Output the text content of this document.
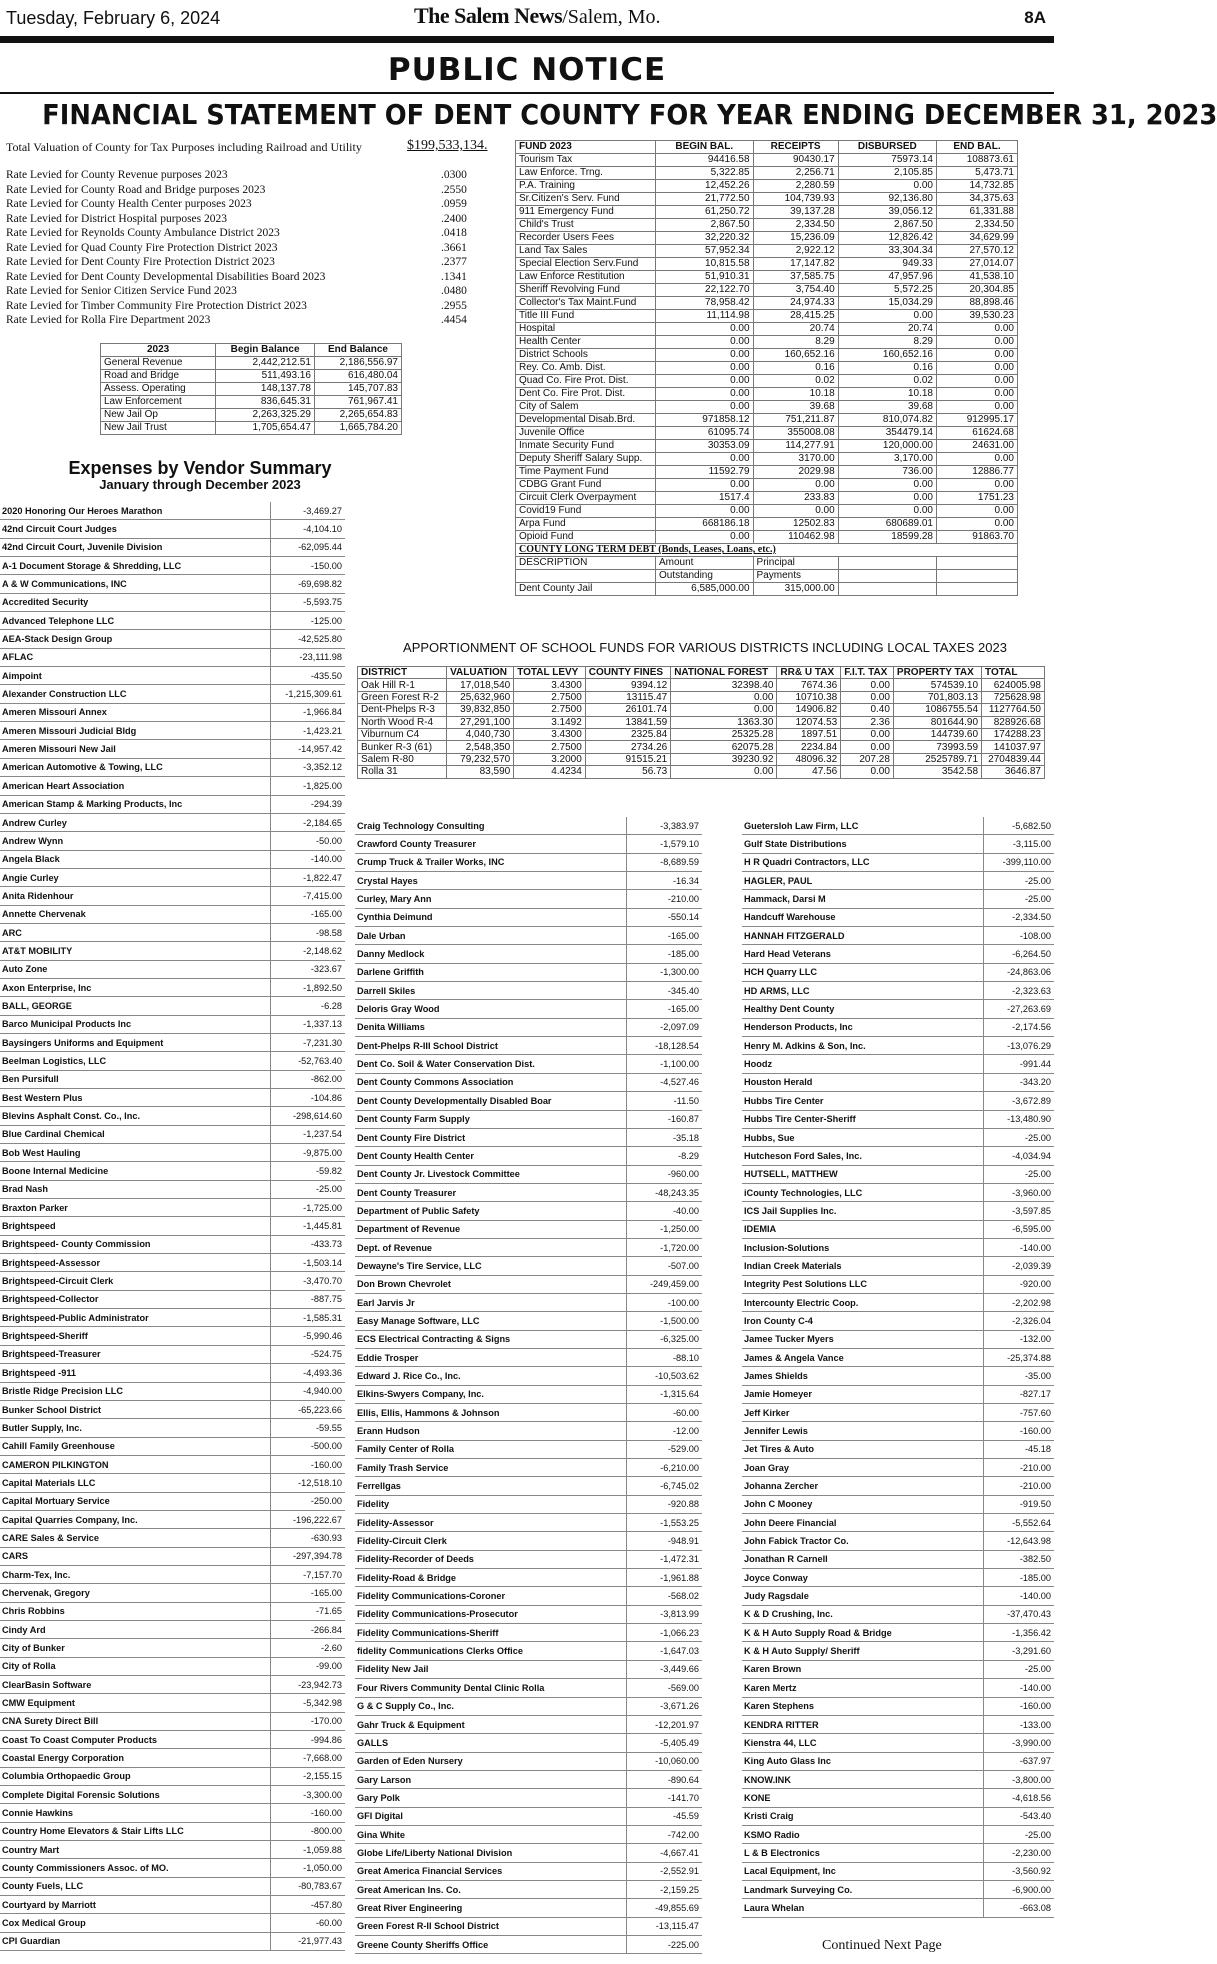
Tuesday, February 6, 2024	The Salem News/Salem, Mo.	8A
PUBLIC NOTICE
FINANCIAL STATEMENT OF DENT COUNTY FOR YEAR ENDING DECEMBER 31, 2023
Total Valuation of County for Tax Purposes including Railroad and Utility	$199,533,134.
Rate Levied for County Revenue purposes 2023	.0300
Rate Levied for County Road and Bridge purposes 2023	.2550
Rate Levied for County Health Center purposes 2023	.0959
Rate Levied for District Hospital purposes 2023	.2400
Rate Levied for Reynolds County Ambulance District 2023	.0418
Rate Levied for Quad County Fire Protection District 2023	.3661
Rate Levied for Dent County Fire Protection District 2023	.2377
Rate Levied for Dent County Developmental Disabilities Board 2023	.1341
Rate Levied for Senior Citizen Service Fund 2023	.0480
Rate Levied for Timber Community Fire Protection District 2023	.2955
Rate Levied for Rolla Fire Department 2023	.4454
FUND 2023	BEGIN BAL.	RECEIPTS	DISBURSED	END BAL.
Tourism Tax	94416.58	90430.17	75973.14	108873.61
Law Enforce. Trng.	5,322.85	2,256.71	2,105.85	5,473.71
P.A. Training	12,452.26	2,280.59	0.00	14,732.85
Sr.Citizen's Serv. Fund	21,772.50	104,739.93	92,136.80	34,375.63
911 Emergency Fund	61,250.72	39,137.28	39,056.12	61,331.88
Child's Trust	2,867.50	2,334.50	2,867.50	2,334.50
Recorder Users Fees	32,220.32	15,236.09	12,826.42	34,629.99
Land Tax Sales	57,952.34	2,922.12	33,304.34	27,570.12
Special Election Serv.Fund	10,815.58	17,147.82	949.33	27,014.07
Law Enforce Restitution	51,910.31	37,585.75	47,957.96	41,538.10
Sheriff Revolving Fund	22,122.70	3,754.40	5,572.25	20,304.85
Collector's Tax Maint.Fund	78,958.42	24,974.33	15,034.29	88,898.46
Title III Fund	11,114.98	28,415.25	0.00	39,530.23
Hospital	0.00	20.74	20.74	0.00
Health Center	0.00	8.29	8.29	0.00
District Schools	0.00	160,652.16	160,652.16	0.00
Rey. Co. Amb. Dist.	0.00	0.16	0.16	0.00
Quad Co. Fire Prot. Dist.	0.00	0.02	0.02	0.00
Dent Co. Fire Prot. Dist.	0.00	10.18	10.18	0.00
City of Salem	0.00	39.68	39.68	0.00
Developmental Disab.Brd.	971858.12	751,211.87	810,074.82	912995.17
Juvenile Office	61095.74	355008.08	354479.14	61624.68
Inmate Security Fund	30353.09	114,277.91	120,000.00	24631.00
Deputy Sheriff Salary Supp.	0.00	3170.00	3,170.00	0.00
Time Payment Fund	11592.79	2029.98	736.00	12886.77
CDBG Grant Fund	0.00	0.00	0.00	0.00
Circuit Clerk Overpayment	1517.4	233.83	0.00	1751.23
Covid19 Fund	0.00	0.00	0.00	0.00
Arpa Fund	668186.18	12502.83	680689.01	0.00
Opioid Fund	0.00	110462.98	18599.28	91863.70
COUNTY LONG TERM DEBT (Bonds, Leases, Loans, etc.)				
DESCRIPTION	Amount	Principal		
	Outstanding	Payments		
Dent County Jail	6,585,000.00	315,000.00		
2023	Begin Balance	End Balance
General Revenue	2,442,212.51	2,186,556.97
Road and Bridge	511,493.16	616,480.04
Assess. Operating	148,137.78	145,707.83
Law Enforcement	836,645.31	761,967.41
New Jail Op	2,263,325.29	2,265,654.83
New Jail Trust	1,705,654.47	1,665,784.20
Expenses by Vendor Summary
January through December 2023
APPORTIONMENT OF SCHOOL FUNDS FOR VARIOUS DISTRICTS INCLUDING LOCAL TAXES 2023
DISTRICT	VALUATION	TOTAL LEVY	COUNTY FINES	NATIONAL FOREST	RR& U TAX	F.I.T. TAX	PROPERTY TAX	TOTAL
Oak Hill R-1	17,018,540	3.4300	9394.12	32398.40	7674.36	0.00	574539.10	624005.98
Green Forest R-2	25,632,960	2.7500	13115.47	0.00	10710.38	0.00	701,803.13	725628.98
Dent-Phelps R-3	39,832,850	2.7500	26101.74	0.00	14906.82	0.40	1086755.54	1127764.50
North Wood R-4	27,291,100	3.1492	13841.59	1363.30	12074.53	2.36	801644.90	828926.68
Viburnum C4	4,040,730	3.4300	2325.84	25325.28	1897.51	0.00	144739.60	174288.23
Bunker R-3 (61)	2,548,350	2.7500	2734.26	62075.28	2234.84	0.00	73993.59	141037.97
Salem R-80	79,232,570	3.2000	91515.21	39230.92	48096.32	207.28	2525789.71	2704839.44
Rolla 31	83,590	4.4234	56.73	0.00	47.56	0.00	3542.58	3646.87
2020 Honoring Our Heroes Marathon	-3,469.27
42nd Circuit Court Judges	-4,104.10
42nd Circuit Court, Juvenile Division	-62,095.44
A-1 Document Storage & Shredding, LLC	-150.00
A & W Communications, INC	-69,698.82
Accredited Security	-5,593.75
Advanced Telephone LLC	-125.00
AEA-Stack Design Group	-42,525.80
AFLAC	-23,111.98
Aimpoint	-435.50
Alexander Construction LLC	-1,215,309.61
Ameren Missouri Annex	-1,966.84
Ameren Missouri Judicial Bldg	-1,423.21
Ameren Missouri New Jail	-14,957.42
American Automotive & Towing, LLC	-3,352.12
American Heart Association	-1,825.00
American Stamp & Marking Products, Inc	-294.39
Andrew Curley	-2,184.65
Andrew Wynn	-50.00
Angela Black	-140.00
Angie Curley	-1,822.47
Anita Ridenhour	-7,415.00
Annette Chervenak	-165.00
ARC	-98.58
AT&T MOBILITY	-2,148.62
Auto Zone	-323.67
Axon Enterprise, Inc	-1,892.50
BALL, GEORGE	-6.28
Barco Municipal Products Inc	-1,337.13
Baysingers Uniforms and Equipment	-7,231.30
Beelman Logistics, LLC	-52,763.40
Ben Pursifull	-862.00
Best Western Plus	-104.86
Blevins Asphalt Const. Co., Inc.	-298,614.60
Blue Cardinal Chemical	-1,237.54
Bob West Hauling	-9,875.00
Boone Internal Medicine	-59.82
Brad Nash	-25.00
Braxton Parker	-1,725.00
Brightspeed	-1,445.81
Brightspeed- County Commission	-433.73
Brightspeed-Assessor	-1,503.14
Brightspeed-Circuit Clerk	-3,470.70
Brightspeed-Collector	-887.75
Brightspeed-Public Administrator	-1,585.31
Brightspeed-Sheriff	-5,990.46
Brightspeed-Treasurer	-524.75
Brightspeed -911	-4,493.36
Bristle Ridge Precision LLC	-4,940.00
Bunker School District	-65,223.66
Butler Supply, Inc.	-59.55
Cahill Family Greenhouse	-500.00
CAMERON PILKINGTON	-160.00
Capital Materials LLC	-12,518.10
Capital Mortuary Service	-250.00
Capital Quarries Company, Inc.	-196,222.67
CARE Sales & Service	-630.93
CARS	-297,394.78
Charm-Tex, Inc.	-7,157.70
Chervenak, Gregory	-165.00
Chris Robbins	-71.65
Cindy Ard	-266.84
City of Bunker	-2.60
City of Rolla	-99.00
ClearBasin Software	-23,942.73
CMW Equipment	-5,342.98
CNA Surety Direct Bill	-170.00
Coast To Coast Computer Products	-994.86
Coastal Energy Corporation	-7,668.00
Columbia Orthopaedic Group	-2,155.15
Complete Digital Forensic Solutions	-3,300.00
Connie Hawkins	-160.00
Country Home Elevators & Stair Lifts LLC	-800.00
Country Mart	-1,059.88
County Commissioners Assoc. of MO.	-1,050.00
County Fuels, LLC	-80,783.67
Courtyard by Marriott	-457.80
Cox Medical Group	-60.00
CPI Guardian	-21,977.43
Craig Technology Consulting	-3,383.97
Crawford County Treasurer	-1,579.10
Crump Truck & Trailer Works, INC	-8,689.59
Crystal Hayes	-16.34
Curley, Mary Ann	-210.00
Cynthia Deimund	-550.14
Dale Urban	-165.00
Danny Medlock	-185.00
Darlene Griffith	-1,300.00
Darrell Skiles	-345.40
Deloris Gray Wood	-165.00
Denita Williams	-2,097.09
Dent-Phelps R-III School District	-18,128.54
Dent Co. Soil & Water Conservation Dist.	-1,100.00
Dent County Commons Association	-4,527.46
Dent County Developmentally Disabled Boar	-11.50
Dent County Farm Supply	-160.87
Dent County Fire District	-35.18
Dent County Health Center	-8.29
Dent County Jr. Livestock Committee	-960.00
Dent County Treasurer	-48,243.35
Department of Public Safety	-40.00
Department of Revenue	-1,250.00
Dept. of Revenue	-1,720.00
Dewayne's Tire Service, LLC	-507.00
Don Brown Chevrolet	-249,459.00
Earl Jarvis Jr	-100.00
Easy Manage Software, LLC	-1,500.00
ECS Electrical Contracting & Signs	-6,325.00
Eddie Trosper	-88.10
Edward J. Rice Co., Inc.	-10,503.62
Elkins-Swyers Company, Inc.	-1,315.64
Ellis, Ellis, Hammons & Johnson	-60.00
Erann Hudson	-12.00
Family Center of Rolla	-529.00
Family Trash Service	-6,210.00
Ferrellgas	-6,745.02
Fidelity	-920.88
Fidelity-Assessor	-1,553.25
Fidelity-Circuit Clerk	-948.91
Fidelity-Recorder of Deeds	-1,472.31
Fidelity-Road & Bridge	-1,961.88
Fidelity Communications-Coroner	-568.02
Fidelity Communications-Prosecutor	-3,813.99
Fidelity Communications-Sheriff	-1,066.23
fidelity Communications Clerks Office	-1,647.03
Fidelity New Jail	-3,449.66
Four Rivers Community Dental Clinic Rolla	-569.00
G & C Supply Co., Inc.	-3,671.26
Gahr Truck & Equipment	-12,201.97
GALLS	-5,405.49
Garden of Eden Nursery	-10,060.00
Gary Larson	-890.64
Gary Polk	-141.70
GFI Digital	-45.59
Gina White	-742.00
Globe Life/Liberty National Division	-4,667.41
Great America Financial Services	-2,552.91
Great American Ins. Co.	-2,159.25
Great River Engineering	-49,855.69
Green Forest R-II School District	-13,115.47
Greene County Sheriffs Office	-225.00
Guetersloh Law Firm, LLC	-5,682.50
Gulf State Distributions	-3,115.00
H R Quadri Contractors, LLC	-399,110.00
HAGLER, PAUL	-25.00
Hammack, Darsi M	-25.00
Handcuff Warehouse	-2,334.50
HANNAH FITZGERALD	-108.00
Hard Head Veterans	-6,264.50
HCH Quarry LLC	-24,863.06
HD ARMS, LLC	-2,323.63
Healthy Dent County	-27,263.69
Henderson Products, Inc	-2,174.56
Henry M. Adkins & Son, Inc.	-13,076.29
Hoodz	-991.44
Houston Herald	-343.20
Hubbs Tire Center	-3,672.89
Hubbs Tire Center-Sheriff	-13,480.90
Hubbs, Sue	-25.00
Hutcheson Ford Sales, Inc.	-4,034.94
HUTSELL, MATTHEW	-25.00
iCounty Technologies, LLC	-3,960.00
ICS Jail Supplies Inc.	-3,597.85
IDEMIA	-6,595.00
Inclusion-Solutions	-140.00
Indian Creek Materials	-2,039.39
Integrity Pest Solutions LLC	-920.00
Intercounty Electric Coop.	-2,202.98
Iron County C-4	-2,326.04
Jamee Tucker Myers	-132.00
James & Angela Vance	-25,374.88
James Shields	-35.00
Jamie Homeyer	-827.17
Jeff Kirker	-757.60
Jennifer Lewis	-160.00
Jet Tires & Auto	-45.18
Joan Gray	-210.00
Johanna Zercher	-210.00
John C Mooney	-919.50
John Deere Financial	-5,552.64
John Fabick Tractor Co.	-12,643.98
Jonathan R Carnell	-382.50
Joyce Conway	-185.00
Judy Ragsdale	-140.00
K & D Crushing, Inc.	-37,470.43
K & H Auto Supply Road & Bridge	-1,356.42
K & H Auto Supply/ Sheriff	-3,291.60
Karen Brown	-25.00
Karen Mertz	-140.00
Karen Stephens	-160.00
KENDRA RITTER	-133.00
Kienstra 44, LLC	-3,990.00
King Auto Glass Inc	-637.97
KNOW.INK	-3,800.00
KONE	-4,618.56
Kristi Craig	-543.40
KSMO Radio	-25.00
L & B Electronics	-2,230.00
Lacal Equipment, Inc	-3,560.92
Landmark Surveying Co.	-6,900.00
Laura Whelan	-663.08
Continued Next Page
